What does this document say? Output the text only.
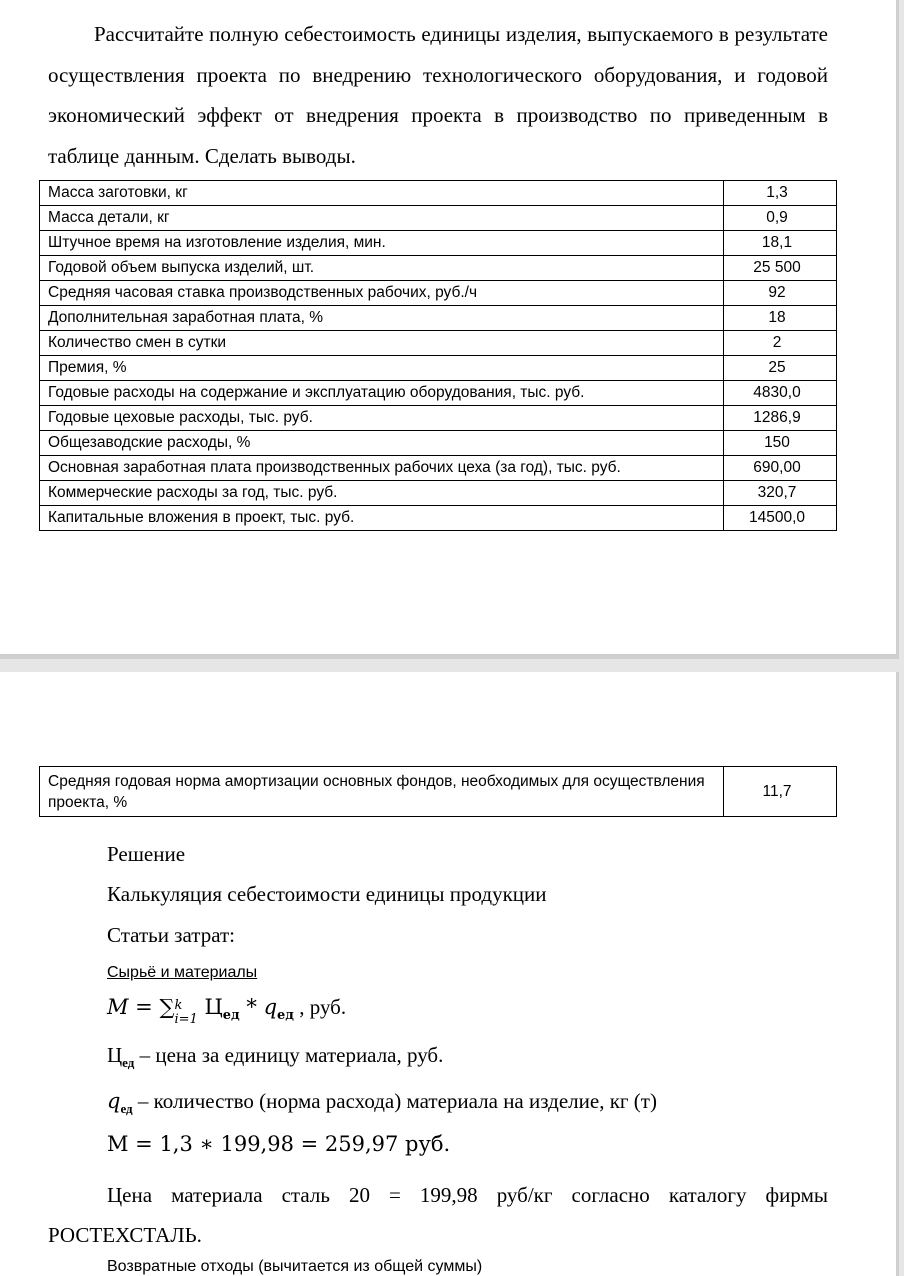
Рассчитайте полную себестоимость единицы изделия, выпускаемого в результате осуществления проекта по внедрению технологического оборудования, и годовой экономический эффект от внедрения проекта в производство по приведенным в таблице данным. Сделать выводы.

Масса заготовки, кг	1,3
Масса детали, кг	0,9
Штучное время на изготовление изделия, мин.	18,1
Годовой объем выпуска изделий, шт.	25 500
Средняя часовая ставка производственных рабочих, руб./ч	92
Дополнительная заработная плата, %	18
Количество смен в сутки	2
Премия, %	25
Годовые расходы на содержание и эксплуатацию оборудования, тыс. руб.	4830,0
Годовые цеховые расходы, тыс. руб.	1286,9
Общезаводские расходы, %	150
Основная заработная плата производственных рабочих цеха (за год), тыс. руб.	690,00
Коммерческие расходы за год, тыс. руб.	320,7
Капитальные вложения в проект, тыс. руб.	14500,0
Средняя годовая норма амортизации основных фондов, необходимых для осуществления проекта, %	11,7

Решение

Калькуляция себестоимости единицы продукции

Статьи затрат:

Сырьё и материалы

M = ∑k
i=1 $Ц_{ед} * q_{ед}$ , руб.

$Ц_{ед}$ – цена за единицу материала, руб.

$q_{ед}$ – количество (норма расхода) материала на изделие, кг (т)

M = 1,3 ∗ 199,98 = 259,97 руб.

Цена материала сталь 20 = 199,98 руб/кг согласно каталогу фирмы РОСТЕХСТАЛЬ.

Возвратные отходы (вычитается из общей суммы)
